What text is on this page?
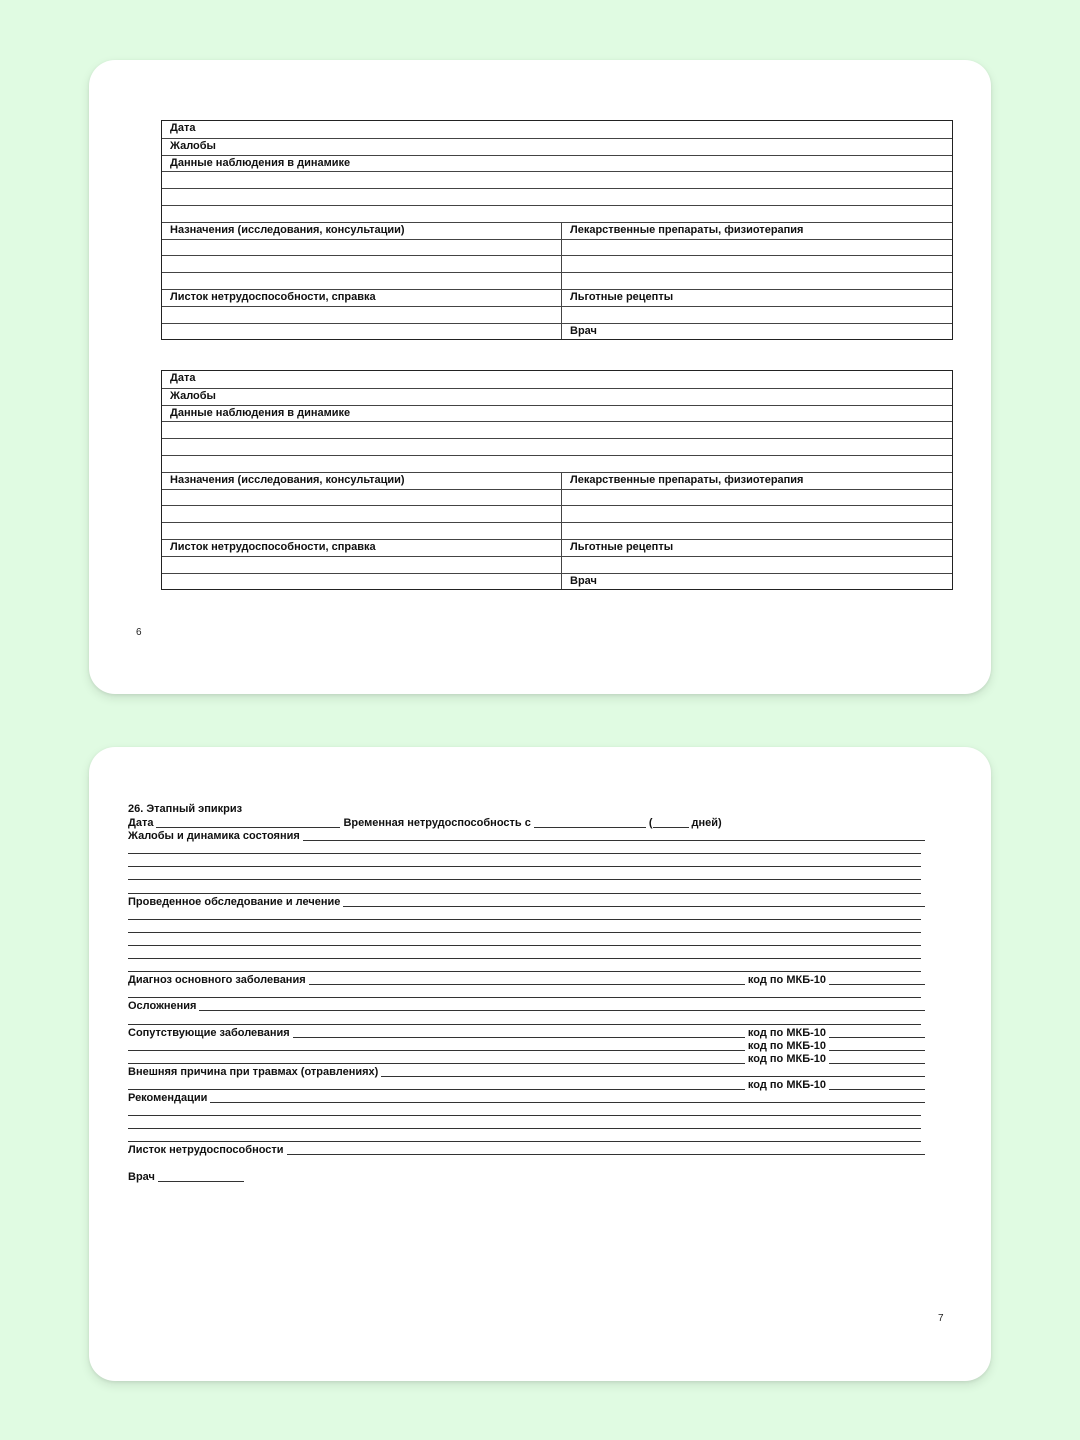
Дата
Жалобы
Данные наблюдения в динамике
Назначения (исследования, консультации)	Лекарственные препараты, физиотерапия
Листок нетрудоспособности, справка	Льготные рецепты
Врач
Дата
Жалобы
Данные наблюдения в динамике
Назначения (исследования, консультации)	Лекарственные препараты, физиотерапия
Листок нетрудоспособности, справка	Льготные рецепты
Врач
6
26. Этапный эпикриз
Дата	Временная нетрудоспособность с	(	дней)
Жалобы и динамика состояния
Проведенное обследование и лечение
Диагноз основного заболевания	код по МКБ-10
Осложнения
Сопутствующие заболевания	код по МКБ-10
код по МКБ-10
код по МКБ-10
Внешняя причина при травмах (отравлениях)
код по МКБ-10
Рекомендации
Листок нетрудоспособности
Врач
7
